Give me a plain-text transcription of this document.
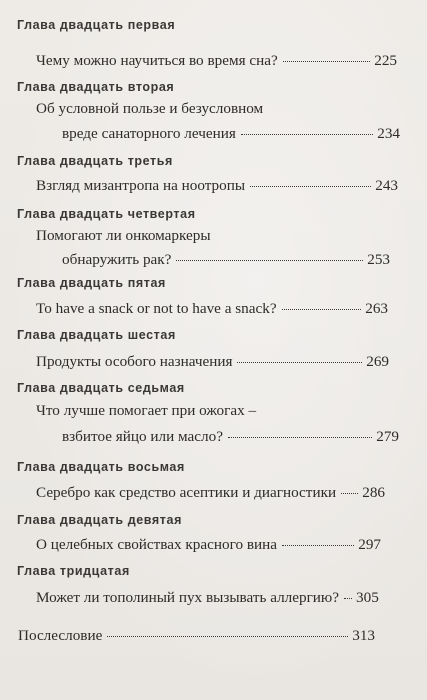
Глава двадцать первая
Чему можно научиться во время сна?	225
Глава двадцать вторая
Об условной пользе и безусловном
вреде санаторного лечения	234
Глава двадцать третья
Взгляд мизантропа на ноотропы	243
Глава двадцать четвертая
Помогают ли онкомаркеры
обнаружить рак?	253
Глава двадцать пятая
To have a snack or not to have a snack?	263
Глава двадцать шестая
Продукты особого назначения	269
Глава двадцать седьмая
Что лучше помогает при ожогах –
взбитое яйцо или масло?	279
Глава двадцать восьмая
Серебро как средство асептики и диагностики 286
Глава двадцать девятая
О целебных свойствах красного вина	297
Глава тридцатая
Может ли тополиный пух вызывать аллергию? 305
Послесловие	313
